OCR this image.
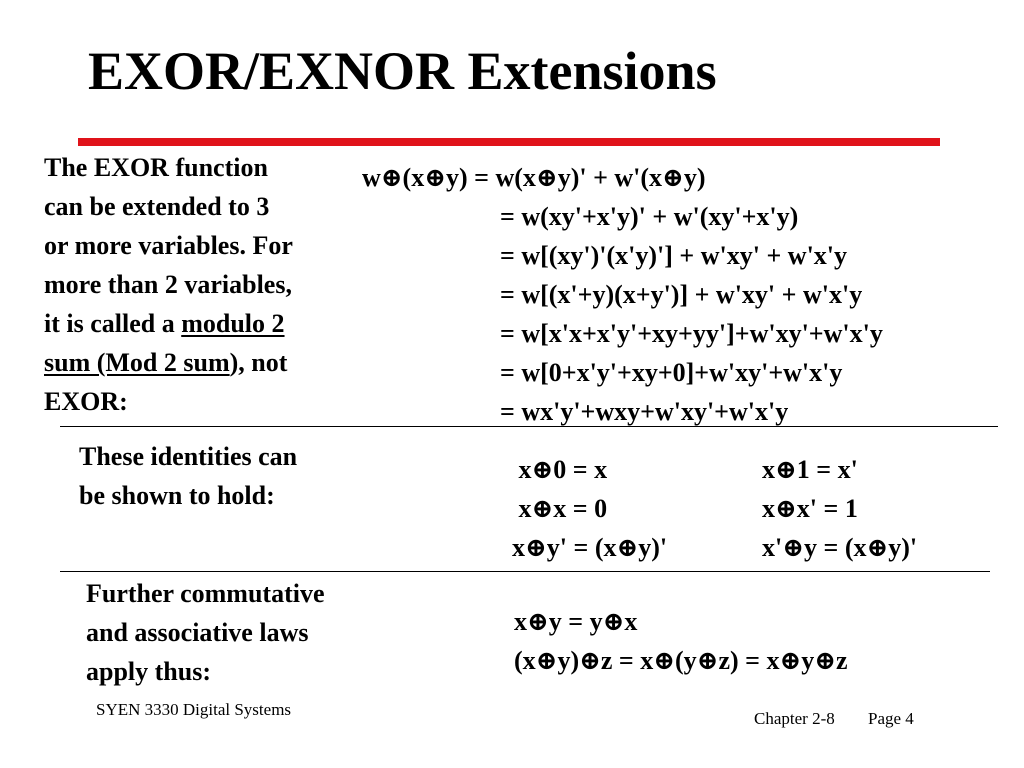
EXOR/EXNOR Extensions
The EXOR function
can be extended to 3
or more variables. For
more than 2 variables,
it is called a modulo 2
sum (Mod 2 sum), not
EXOR:
w⊕(x⊕y) = w(x⊕y)' + w'(x⊕y)
= w(xy'+x'y)' + w'(xy'+x'y)
= w[(xy')'(x'y)'] + w'xy' + w'x'y
= w[(x'+y)(x+y')] + w'xy' + w'x'y
= w[x'x+x'y'+xy+yy']+w'xy'+w'x'y
= w[0+x'y'+xy+0]+w'xy'+w'x'y
= wx'y'+wxy+w'xy'+w'x'y
These identities can
be shown to hold:
x⊕0 = x
x⊕x = 0
x⊕y' = (x⊕y)'
x⊕1 = x'
x⊕x' = 1
x'⊕y = (x⊕y)'
Further commutative
and associative laws
apply thus:
x⊕y = y⊕x
(x⊕y)⊕z = x⊕(y⊕z) = x⊕y⊕z
SYEN 3330 Digital Systems	Chapter 2-8 Page 4
